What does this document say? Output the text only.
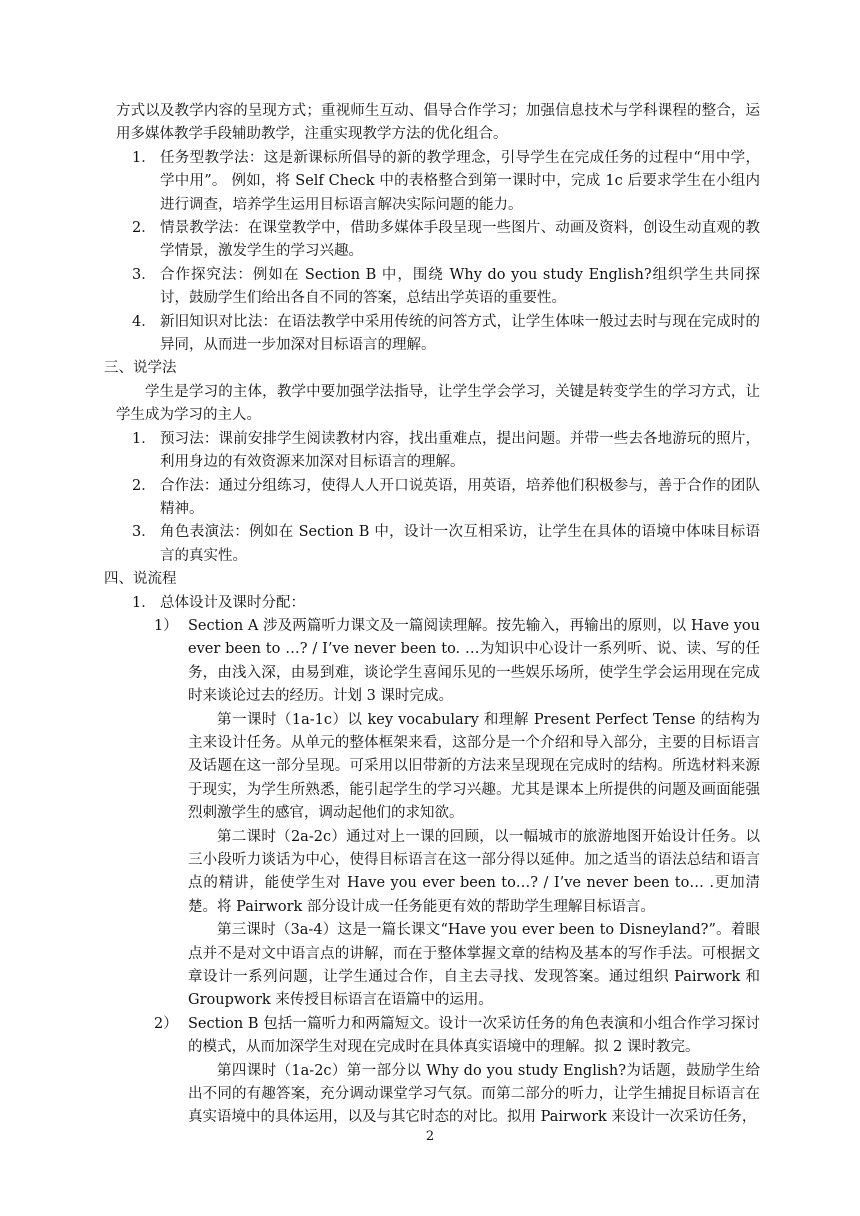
方式以及教学内容的呈现方式；重视师生互动、倡导合作学习；加强信息技术与学科课程的整合，运用多媒体教学手段辅助教学，注重实现教学方法的优化组合。

1． 任务型教学法：这是新课标所倡导的新的教学理念，引导学生在完成任务的过程中“用中学，学中用”。 例如，将 Self Check 中的表格整合到第一课时中，完成 1c 后要求学生在小组内进行调查，培养学生运用目标语言解决实际问题的能力。

2． 情景教学法：在课堂教学中，借助多媒体手段呈现一些图片、动画及资料，创设生动直观的教学情景，激发学生的学习兴趣。

3． 合作探究法：例如在 Section B 中，围绕 Why do you study English?组织学生共同探讨，鼓励学生们给出各自不同的答案，总结出学英语的重要性。

4． 新旧知识对比法：在语法教学中采用传统的问答方式，让学生体味一般过去时与现在完成时的异同，从而进一步加深对目标语言的理解。

三、说学法

学生是学习的主体，教学中要加强学法指导，让学生学会学习，关键是转变学生的学习方式，让学生成为学习的主人。

1． 预习法：课前安排学生阅读教材内容，找出重难点，提出问题。并带一些去各地游玩的照片，利用身边的有效资源来加深对目标语言的理解。

2． 合作法：通过分组练习，使得人人开口说英语，用英语，培养他们积极参与，善于合作的团队精神。

3． 角色表演法：例如在 Section B 中，设计一次互相采访，让学生在具体的语境中体味目标语言的真实性。

四、说流程

1． 总体设计及课时分配：

1） Section A 涉及两篇听力课文及一篇阅读理解。按先输入，再输出的原则，以 Have you ever been to …? / I’ve never been to. …为知识中心设计一系列听、说、读、写的任务，由浅入深，由易到难，谈论学生喜闻乐见的一些娱乐场所，使学生学会运用现在完成时来谈论过去的经历。计划 3 课时完成。

第一课时（1a-1c）以 key vocabulary 和理解 Present Perfect Tense 的结构为主来设计任务。从单元的整体框架来看，这部分是一个介绍和导入部分，主要的目标语言及话题在这一部分呈现。可采用以旧带新的方法来呈现现在完成时的结构。所选材料来源于现实，为学生所熟悉，能引起学生的学习兴趣。尤其是课本上所提供的问题及画面能强烈刺激学生的感官，调动起他们的求知欲。

第二课时（2a-2c）通过对上一课的回顾，以一幅城市的旅游地图开始设计任务。以三小段听力谈话为中心，使得目标语言在这一部分得以延伸。加之适当的语法总结和语言点的精讲，能使学生对 Have you ever been to…? / I’ve never been to… .更加清楚。将 Pairwork 部分设计成一任务能更有效的帮助学生理解目标语言。

第三课时（3a-4）这是一篇长课文“Have you ever been to Disneyland?”。着眼点并不是对文中语言点的讲解，而在于整体掌握文章的结构及基本的写作手法。可根据文章设计一系列问题，让学生通过合作，自主去寻找、发现答案。通过组织 Pairwork 和 Groupwork 来传授目标语言在语篇中的运用。

2） Section B 包括一篇听力和两篇短文。设计一次采访任务的角色表演和小组合作学习探讨的模式，从而加深学生对现在完成时在具体真实语境中的理解。拟 2 课时教完。

第四课时（1a-2c）第一部分以 Why do you study English?为话题，鼓励学生给出不同的有趣答案，充分调动课堂学习气氛。而第二部分的听力，让学生捕捉目标语言在真实语境中的具体运用，以及与其它时态的对比。拟用 Pairwork 来设计一次采访任务，

2
